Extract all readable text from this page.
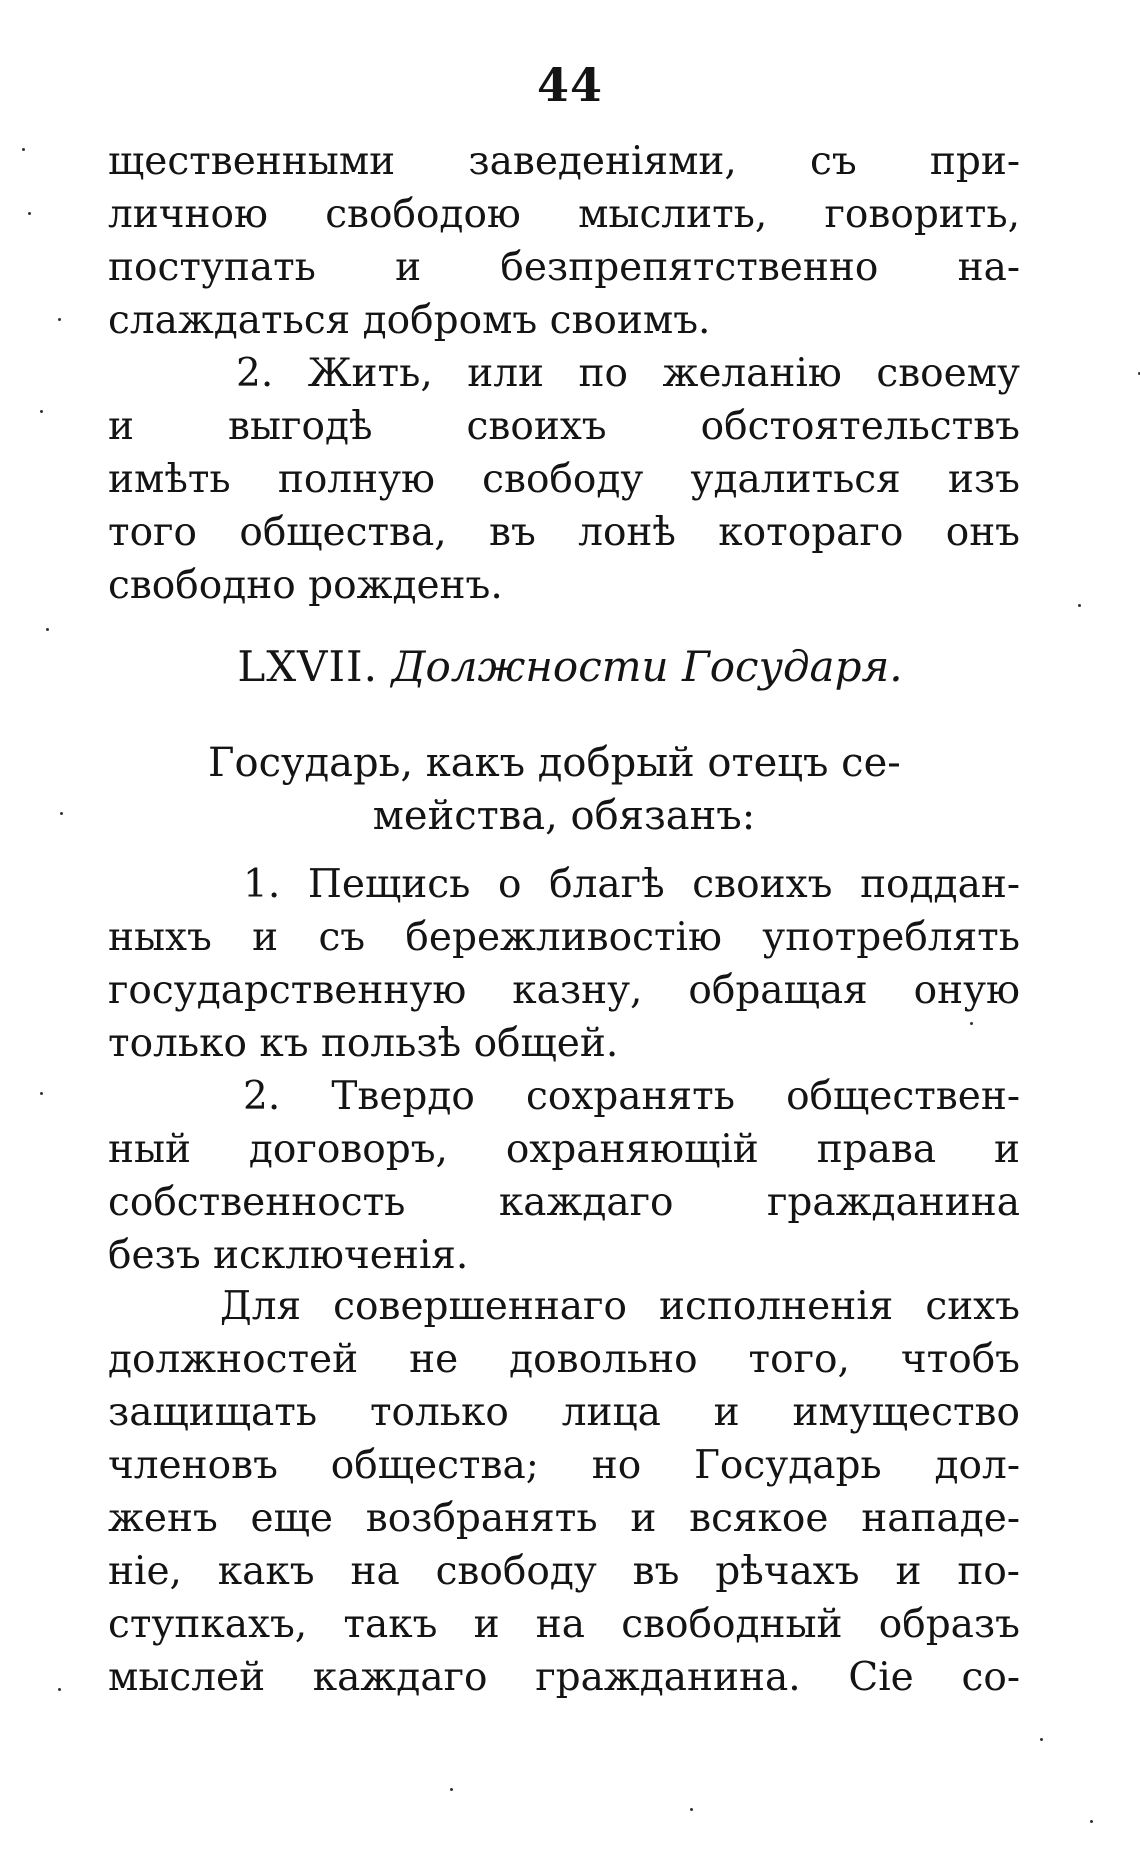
44
щественными заведеніями, съ при-
личною свободою мыслить, говорить,
поступать и безпрепятственно на-
слаждаться добромъ своимъ.
2. Жить, или по желанію своему
и выгодѣ своихъ обстоятельствъ
имѣть полную свободу удалиться изъ
того общества, въ лонѣ котораго онъ
свободно рожденъ.
LXVII. Должности Государя.
Государь, какъ добрый отецъ се-
мейства, обязанъ:
1. Пещись о благѣ своихъ поддан-
ныхъ и съ бережливостію употреблять
государственную казну, обращая оную
только къ пользѣ общей.
2. Твердо сохранять обществен-
ный договоръ, охраняющій права и
собственность каждаго гражданина
безъ исключенія.
Для совершеннаго исполненія сихъ
должностей не довольно того, чтобъ
защищать только лица и имущество
членовъ общества; но Государь дол-
женъ еще возбранять и всякое нападе-
ніе, какъ на свободу въ рѣчахъ и по-
ступкахъ, такъ и на свободный образъ
мыслей каждаго гражданина. Сіе со-
